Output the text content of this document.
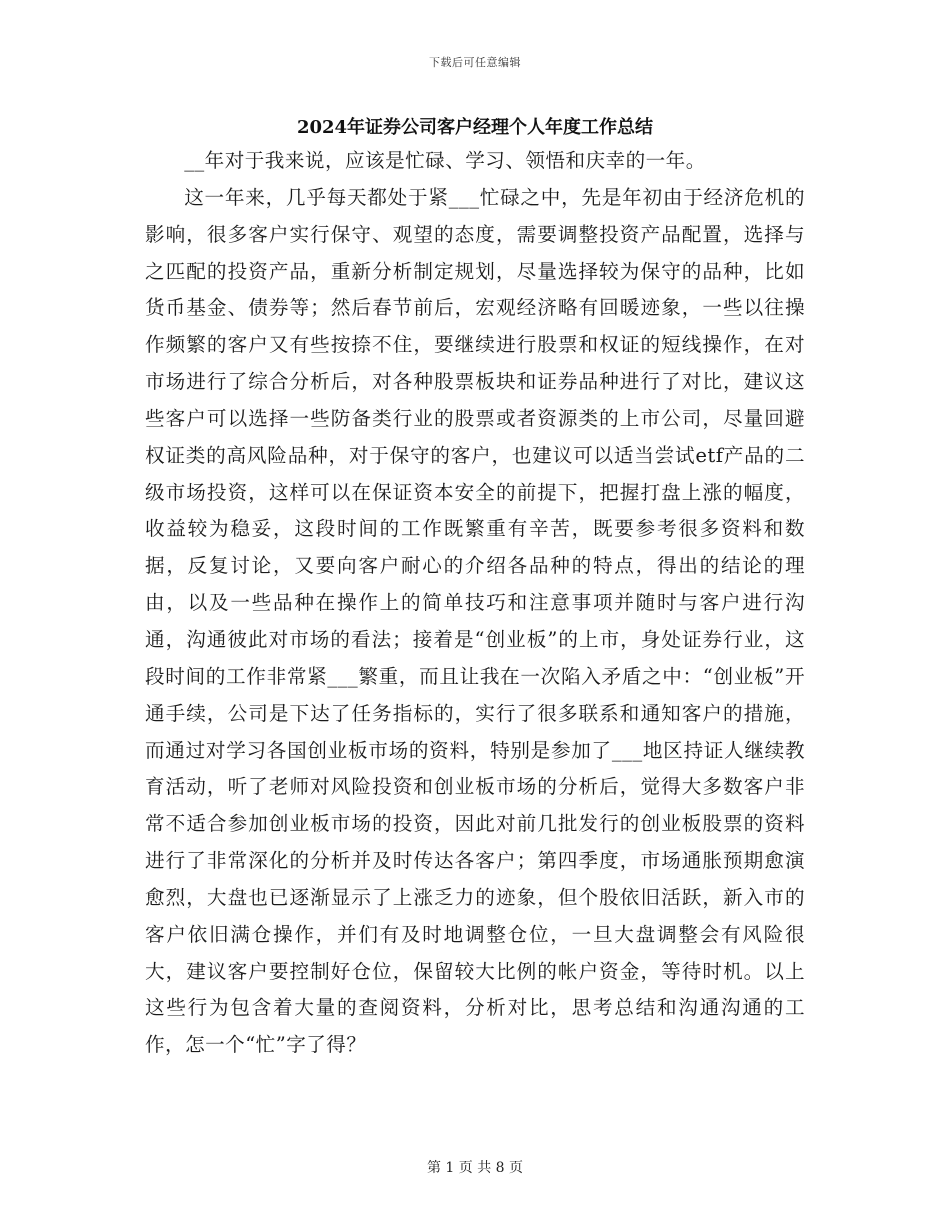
下载后可任意编辑
2024年证券公司客户经理个人年度工作总结

__年对于我来说，应该是忙碌、学习、领悟和庆幸的一年。

这一年来，几乎每天都处于紧___忙碌之中，先是年初由于经济危机的影响，很多客户实行保守、观望的态度，需要调整投资产品配置，选择与之匹配的投资产品，重新分析制定规划，尽量选择较为保守的品种，比如货币基金、债券等；然后春节前后，宏观经济略有回暖迹象，一些以往操作频繁的客户又有些按捺不住，要继续进行股票和权证的短线操作，在对市场进行了综合分析后，对各种股票板块和证券品种进行了对比，建议这些客户可以选择一些防备类行业的股票或者资源类的上市公司，尽量回避权证类的高风险品种，对于保守的客户，也建议可以适当尝试etf产品的二级市场投资，这样可以在保证资本安全的前提下，把握打盘上涨的幅度，收益较为稳妥，这段时间的工作既繁重有辛苦，既要参考很多资料和数据，反复讨论，又要向客户耐心的介绍各品种的特点，得出的结论的理由，以及一些品种在操作上的简单技巧和注意事项并随时与客户进行沟通，沟通彼此对市场的看法；接着是“创业板”的上市，身处证券行业，这段时间的工作非常紧___繁重，而且让我在一次陷入矛盾之中：“创业板”开通手续，公司是下达了任务指标的，实行了很多联系和通知客户的措施，而通过对学习各国创业板市场的资料，特别是参加了___地区持证人继续教育活动，听了老师对风险投资和创业板市场的分析后，觉得大多数客户非常不适合参加创业板市场的投资，因此对前几批发行的创业板股票的资料进行了非常深化的分析并及时传达各客户；第四季度，市场通胀预期愈演愈烈，大盘也已逐渐显示了上涨乏力的迹象，但个股依旧活跃，新入市的客户依旧满仓操作，并们有及时地调整仓位，一旦大盘调整会有风险很大，建议客户要控制好仓位，保留较大比例的帐户资金，等待时机。以上这些行为包含着大量的查阅资料，分析对比，思考总结和沟通沟通的工作，怎一个“忙”字了得？

第 1 页 共 8 页
